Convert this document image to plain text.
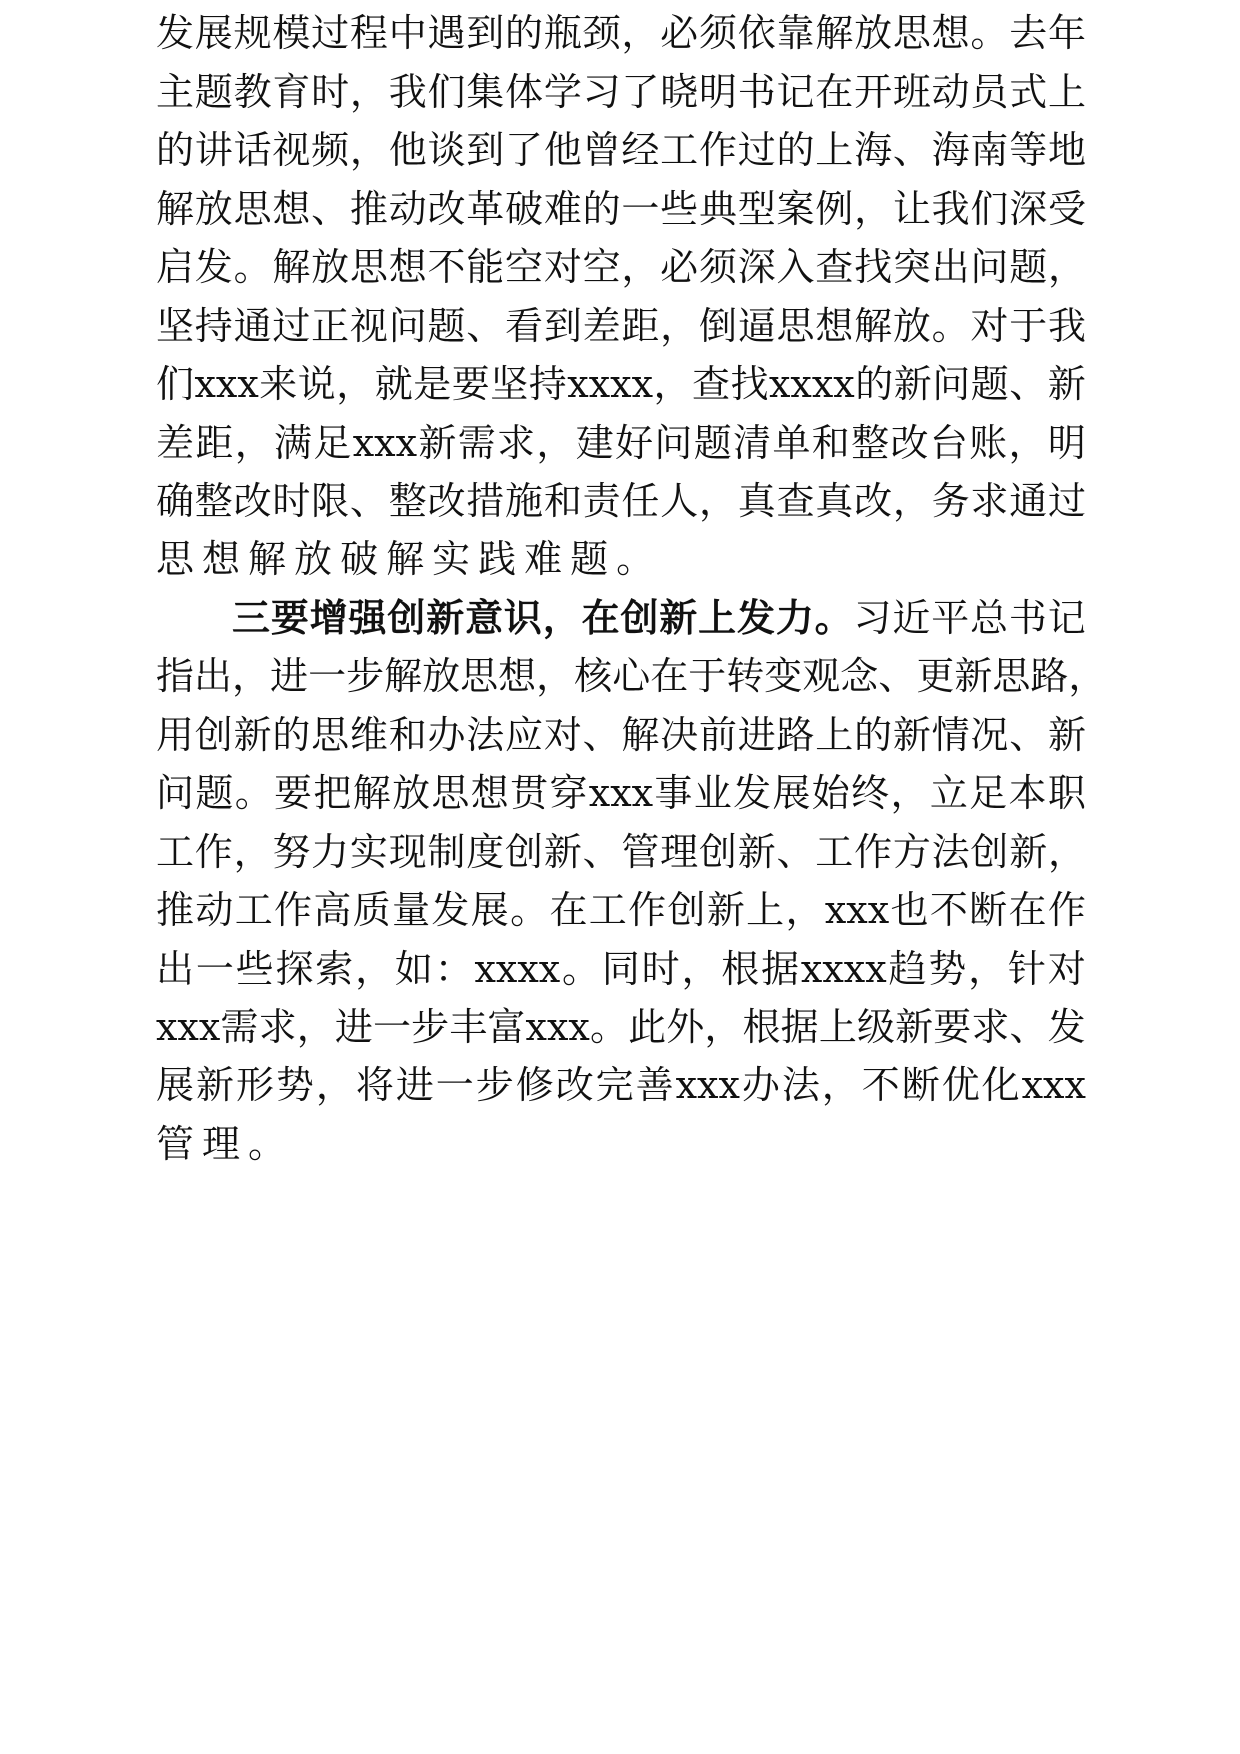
发 展 规 模 过 程 中 遇 到 的 瓶 颈 ， 必 须 依 靠 解 放 思 想 。 去 年
主 题 教 育 时 ， 我 们 集 体 学 习 了 晓 明 书 记 在 开 班 动 员 式 上
的 讲 话 视 频 ， 他 谈 到 了 他 曾 经 工 作 过 的 上 海 、 海 南 等 地
解 放 思 想 、 推 动 改 革 破 难 的 一 些 典 型 案 例 ， 让 我 们 深 受
启 发 。 解 放 思 想 不 能 空 对 空 ， 必 须 深 入 查 找 突 出 问 题 ，
坚 持 通 过 正 视 问 题 、 看 到 差 距 ， 倒 逼 思 想 解 放 。 对 于 我
们 xxx 来 说 ， 就 是 要 坚 持 xxxx ， 查 找 xxxx 的 新 问 题 、 新
差 距 ， 满 足 xxx 新 需 求 ， 建 好 问 题 清 单 和 整 改 台 账 ， 明
确 整 改 时 限 、 整 改 措 施 和 责 任 人 ， 真 查 真 改 ， 务 求 通 过
思 想 解 放 破 解 实 践 难 题 。
三 要 增 强 创 新 意 识 ， 在 创 新 上 发 力 。 习 近 平 总 书 记
指 出 ， 进 一 步 解 放 思 想 ， 核 心 在 于 转 变 观 念 、 更 新 思 路 ，
用 创 新 的 思 维 和 办 法 应 对 、 解 决 前 进 路 上 的 新 情 况 、 新
问 题 。 要 把 解 放 思 想 贯 穿 xxx 事 业 发 展 始 终 ， 立 足 本 职
工 作 ， 努 力 实 现 制 度 创 新 、 管 理 创 新 、 工 作 方 法 创 新 ，
推 动 工 作 高 质 量 发 展 。 在 工 作 创 新 上 ， xxx 也 不 断 在 作
出 一 些 探 索 ， 如 ： xxxx 。 同 时 ， 根 据 xxxx 趋 势 ， 针 对
xxx 需 求 ， 进 一 步 丰 富 xxx 。 此 外 ， 根 据 上 级 新 要 求 、 发
展 新 形 势 ， 将 进 一 步 修 改 完 善 xxx 办 法 ， 不 断 优 化 xxx
管 理 。
